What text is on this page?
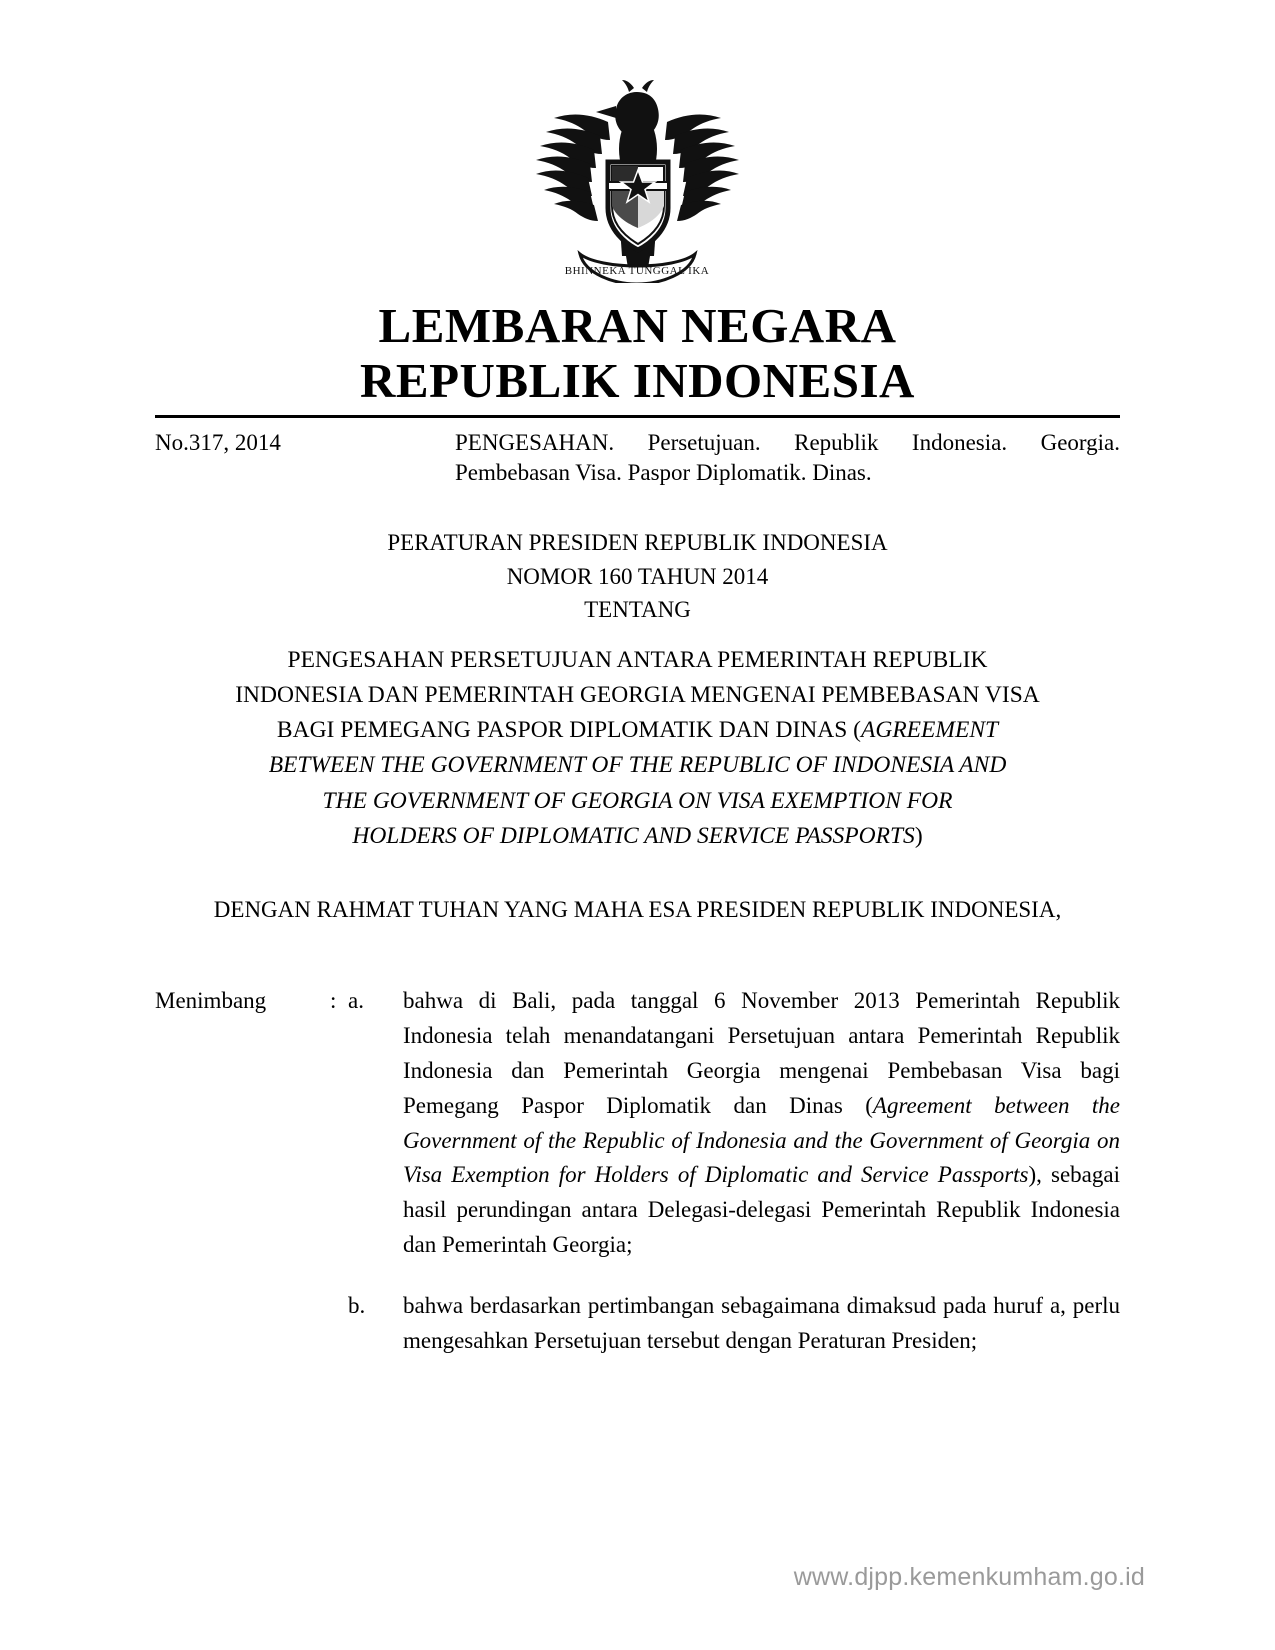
BHINNEKA TUNGGAL IKA
LEMBARAN NEGARA
REPUBLIK INDONESIA
No.317, 2014	PENGESAHAN. Persetujuan. Republik Indonesia. Georgia. Pembebasan Visa. Paspor Diplomatik. Dinas.
PERATURAN PRESIDEN REPUBLIK INDONESIA
NOMOR 160 TAHUN 2014
TENTANG
PENGESAHAN PERSETUJUAN ANTARA PEMERINTAH REPUBLIK
INDONESIA DAN PEMERINTAH GEORGIA MENGENAI PEMBEBASAN VISA
BAGI PEMEGANG PASPOR DIPLOMATIK DAN DINAS (AGREEMENT
BETWEEN THE GOVERNMENT OF THE REPUBLIC OF INDONESIA AND
THE GOVERNMENT OF GEORGIA ON VISA EXEMPTION FOR
HOLDERS OF DIPLOMATIC AND SERVICE PASSPORTS)
DENGAN RAHMAT TUHAN YANG MAHA ESA PRESIDEN REPUBLIK INDONESIA,
Menimbang	: a.	bahwa di Bali, pada tanggal 6 November 2013 Pemerintah Republik Indonesia telah menandatangani Persetujuan antara Pemerintah Republik Indonesia dan Pemerintah Georgia mengenai Pembebasan Visa bagi Pemegang Paspor Diplomatik dan Dinas (Agreement between the Government of the Republic of Indonesia and the Government of Georgia on Visa Exemption for Holders of Diplomatic and Service Passports), sebagai hasil perundingan antara Delegasi-delegasi Pemerintah Republik Indonesia dan Pemerintah Georgia;
b.	bahwa berdasarkan pertimbangan sebagaimana dimaksud pada huruf a, perlu mengesahkan Persetujuan tersebut dengan Peraturan Presiden;
www.djpp.kemenkumham.go.id
